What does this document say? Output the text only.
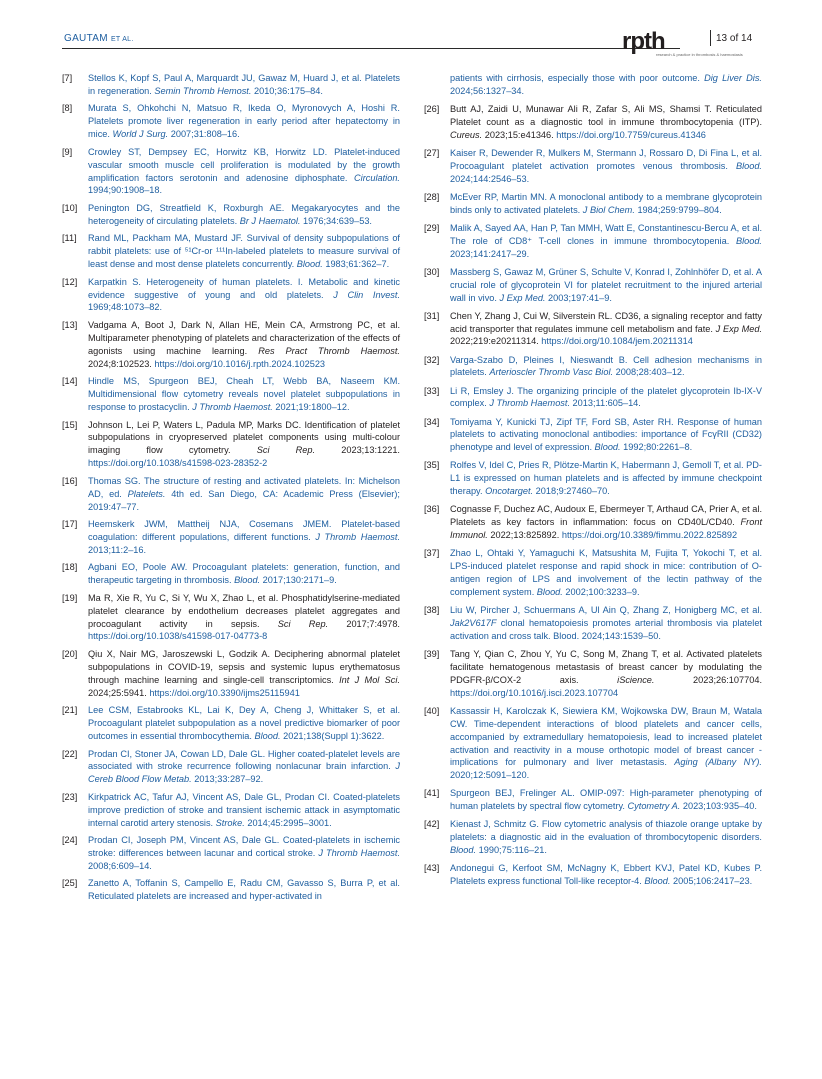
GAUTAM ET AL.	rpth
research & practice in thrombosis & haemostasis
13 of 14
[7]	Stellos K, Kopf S, Paul A, Marquardt JU, Gawaz M, Huard J, et al. Platelets in regeneration. Semin Thromb Hemost. 2010;36:175–84.
[8]	Murata S, Ohkohchi N, Matsuo R, Ikeda O, Myronovych A, Hoshi R. Platelets promote liver regeneration in early period after hepatectomy in mice. World J Surg. 2007;31:808–16.
[9]	Crowley ST, Dempsey EC, Horwitz KB, Horwitz LD. Platelet-induced vascular smooth muscle cell proliferation is modulated by the growth amplification factors serotonin and adenosine diphosphate. Circulation. 1994;90:1908–18.
[10]	Penington DG, Streatfield K, Roxburgh AE. Megakaryocytes and the heterogeneity of circulating platelets. Br J Haematol. 1976;34:639–53.
[11]	Rand ML, Packham MA, Mustard JF. Survival of density subpopulations of rabbit platelets: use of ⁵¹Cr-or ¹¹¹In-labeled platelets to measure survival of least dense and most dense platelets concurrently. Blood. 1983;61:362–7.
[12]	Karpatkin S. Heterogeneity of human platelets. I. Metabolic and kinetic evidence suggestive of young and old platelets. J Clin Invest. 1969;48:1073–82.
[13]	Vadgama A, Boot J, Dark N, Allan HE, Mein CA, Armstrong PC, et al. Multiparameter phenotyping of platelets and characterization of the effects of agonists using machine learning. Res Pract Thromb Haemost. 2024;8:102523. https://doi.org/10.1016/j.rpth.2024.102523
[14]	Hindle MS, Spurgeon BEJ, Cheah LT, Webb BA, Naseem KM. Multidimensional flow cytometry reveals novel platelet subpopulations in response to prostacyclin. J Thromb Haemost. 2021;19:1800–12.
[15]	Johnson L, Lei P, Waters L, Padula MP, Marks DC. Identification of platelet subpopulations in cryopreserved platelet components using multi-colour imaging flow cytometry. Sci Rep. 2023;13:1221. https://doi.org/10.1038/s41598-023-28352-2
[16]	Thomas SG. The structure of resting and activated platelets. In: Michelson AD, ed. Platelets. 4th ed. San Diego, CA: Academic Press (Elsevier); 2019:47–77.
[17]	Heemskerk JWM, Mattheij NJA, Cosemans JMEM. Platelet-based coagulation: different populations, different functions. J Thromb Haemost. 2013;11:2–16.
[18]	Agbani EO, Poole AW. Procoagulant platelets: generation, function, and therapeutic targeting in thrombosis. Blood. 2017;130:2171–9.
[19]	Ma R, Xie R, Yu C, Si Y, Wu X, Zhao L, et al. Phosphatidylserine-mediated platelet clearance by endothelium decreases platelet aggregates and procoagulant activity in sepsis. Sci Rep. 2017;7:4978. https://doi.org/10.1038/s41598-017-04773-8
[20]	Qiu X, Nair MG, Jaroszewski L, Godzik A. Deciphering abnormal platelet subpopulations in COVID-19, sepsis and systemic lupus erythematosus through machine learning and single-cell transcriptomics. Int J Mol Sci. 2024;25:5941. https://doi.org/10.3390/ijms25115941
[21]	Lee CSM, Estabrooks KL, Lai K, Dey A, Cheng J, Whittaker S, et al. Procoagulant platelet subpopulation as a novel predictive biomarker of poor outcomes in essential thrombocythemia. Blood. 2021;138(Suppl 1):3622.
[22]	Prodan CI, Stoner JA, Cowan LD, Dale GL. Higher coated-platelet levels are associated with stroke recurrence following nonlacunar brain infarction. J Cereb Blood Flow Metab. 2013;33:287–92.
[23]	Kirkpatrick AC, Tafur AJ, Vincent AS, Dale GL, Prodan CI. Coated-platelets improve prediction of stroke and transient ischemic attack in asymptomatic internal carotid artery stenosis. Stroke. 2014;45:2995–3001.
[24]	Prodan CI, Joseph PM, Vincent AS, Dale GL. Coated-platelets in ischemic stroke: differences between lacunar and cortical stroke. J Thromb Haemost. 2008;6:609–14.
[25]	Zanetto A, Toffanin S, Campello E, Radu CM, Gavasso S, Burra P, et al. Reticulated platelets are increased and hyper-activated in
patients with cirrhosis, especially those with poor outcome. Dig Liver Dis. 2024;56:1327–34.
[26]	Butt AJ, Zaidi U, Munawar Ali R, Zafar S, Ali MS, Shamsi T. Reticulated Platelet count as a diagnostic tool in immune thrombocytopenia (ITP). Cureus. 2023;15:e41346. https://doi.org/10.7759/cureus.41346
[27]	Kaiser R, Dewender R, Mulkers M, Stermann J, Rossaro D, Di Fina L, et al. Procoagulant platelet activation promotes venous thrombosis. Blood. 2024;144:2546–53.
[28]	McEver RP, Martin MN. A monoclonal antibody to a membrane glycoprotein binds only to activated platelets. J Biol Chem. 1984;259:9799–804.
[29]	Malik A, Sayed AA, Han P, Tan MMH, Watt E, Constantinescu-Bercu A, et al. The role of CD8⁺ T-cell clones in immune thrombocytopenia. Blood. 2023;141:2417–29.
[30]	Massberg S, Gawaz M, Grüner S, Schulte V, Konrad I, Zohlnhöfer D, et al. A crucial role of glycoprotein VI for platelet recruitment to the injured arterial wall in vivo. J Exp Med. 2003;197:41–9.
[31]	Chen Y, Zhang J, Cui W, Silverstein RL. CD36, a signaling receptor and fatty acid transporter that regulates immune cell metabolism and fate. J Exp Med. 2022;219:e20211314. https://doi.org/10.1084/jem.20211314
[32]	Varga-Szabo D, Pleines I, Nieswandt B. Cell adhesion mechanisms in platelets. Arterioscler Thromb Vasc Biol. 2008;28:403–12.
[33]	Li R, Emsley J. The organizing principle of the platelet glycoprotein Ib-IX-V complex. J Thromb Haemost. 2013;11:605–14.
[34]	Tomiyama Y, Kunicki TJ, Zipf TF, Ford SB, Aster RH. Response of human platelets to activating monoclonal antibodies: importance of FcγRII (CD32) phenotype and level of expression. Blood. 1992;80:2261–8.
[35]	Rolfes V, Idel C, Pries R, Plötze-Martin K, Habermann J, Gemoll T, et al. PD-L1 is expressed on human platelets and is affected by immune checkpoint therapy. Oncotarget. 2018;9:27460–70.
[36]	Cognasse F, Duchez AC, Audoux E, Ebermeyer T, Arthaud CA, Prier A, et al. Platelets as key factors in inflammation: focus on CD40L/CD40. Front Immunol. 2022;13:825892. https://doi.org/10.3389/fimmu.2022.825892
[37]	Zhao L, Ohtaki Y, Yamaguchi K, Matsushita M, Fujita T, Yokochi T, et al. LPS-induced platelet response and rapid shock in mice: contribution of O-antigen region of LPS and involvement of the lectin pathway of the complement system. Blood. 2002;100:3233–9.
[38]	Liu W, Pircher J, Schuermans A, Ul Ain Q, Zhang Z, Honigberg MC, et al. Jak2V617F clonal hematopoiesis promotes arterial thrombosis via platelet activation and cross talk. Blood. 2024;143:1539–50.
[39]	Tang Y, Qian C, Zhou Y, Yu C, Song M, Zhang T, et al. Activated platelets facilitate hematogenous metastasis of breast cancer by modulating the PDGFR-β/COX-2 axis. iScience. 2023;26:107704. https://doi.org/10.1016/j.isci.2023.107704
[40]	Kassassir H, Karolczak K, Siewiera KM, Wojkowska DW, Braun M, Watala CW. Time-dependent interactions of blood platelets and cancer cells, accompanied by extramedullary hematopoiesis, lead to increased platelet activation and reactivity in a mouse orthotopic model of breast cancer - implications for pulmonary and liver metastasis. Aging (Albany NY). 2020;12:5091–120.
[41]	Spurgeon BEJ, Frelinger AL. OMIP-097: High-parameter phenotyping of human platelets by spectral flow cytometry. Cytometry A. 2023;103:935–40.
[42]	Kienast J, Schmitz G. Flow cytometric analysis of thiazole orange uptake by platelets: a diagnostic aid in the evaluation of thrombocytopenic disorders. Blood. 1990;75:116–21.
[43]	Andonegui G, Kerfoot SM, McNagny K, Ebbert KVJ, Patel KD, Kubes P. Platelets express functional Toll-like receptor-4. Blood. 2005;106:2417–23.
